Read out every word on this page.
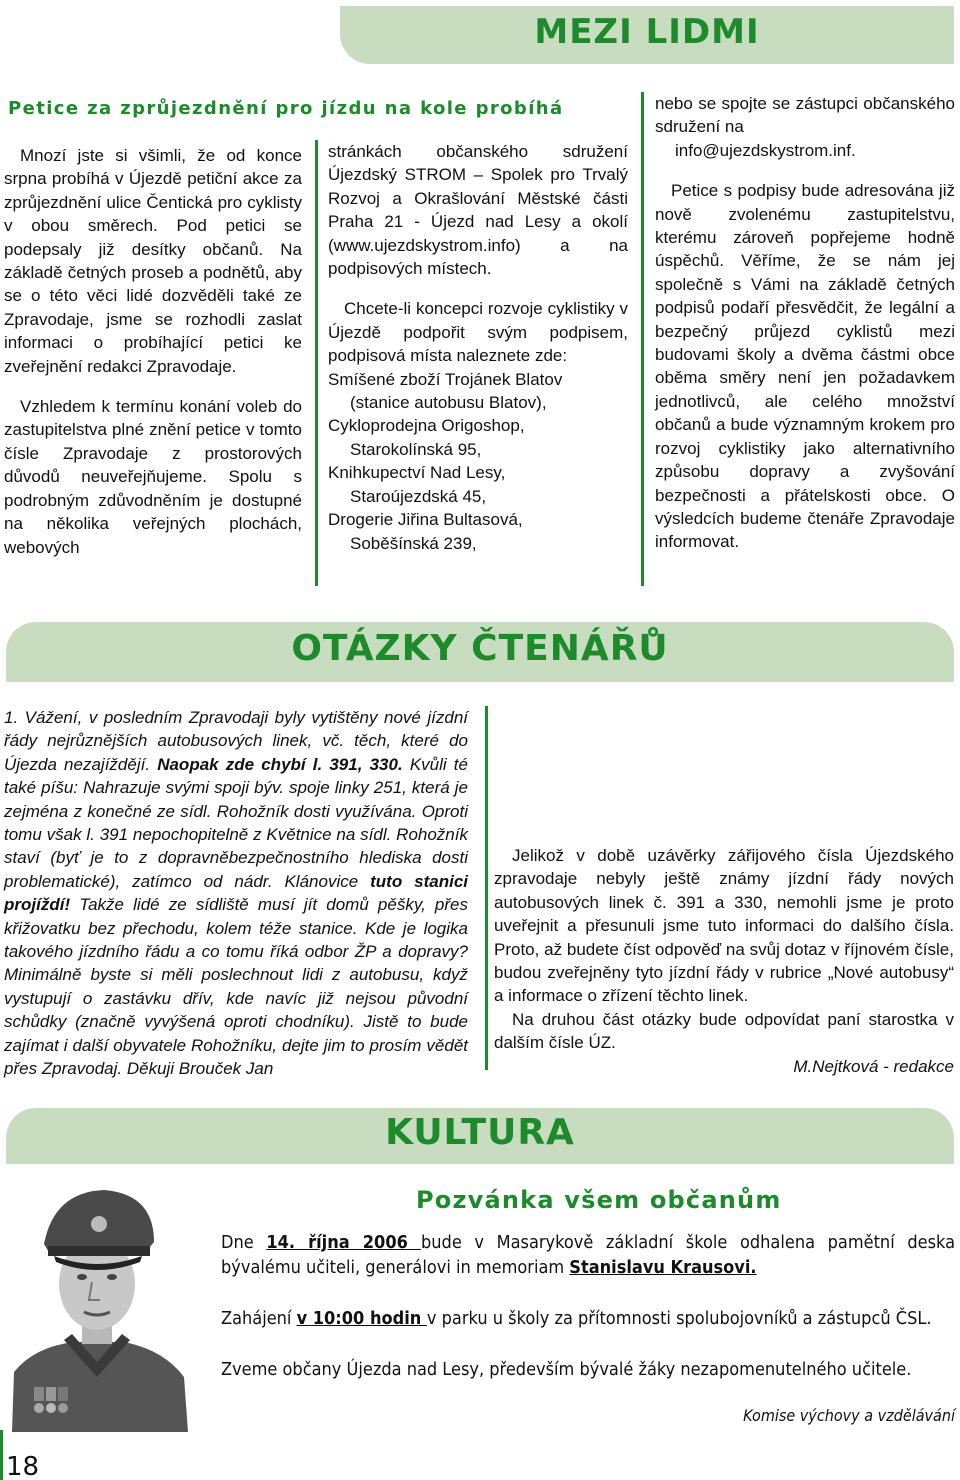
MEZI LIDMI
Petice za zprůjezdnění pro jízdu na kole probíhá

Mnozí jste si všimli, že od konce srpna probíhá v Újezdě petiční akce za zprůjezdnění ulice Čentická pro cyklisty v obou směrech. Pod petici se podepsaly již desítky občanů. Na základě četných proseb a podnětů, aby se o této věci lidé dozvěděli také ze Zpravodaje, jsme se rozhodli zaslat informaci o probíhající petici ke zveřejnění redakci Zpravodaje.

Vzhledem k termínu konání voleb do zastupitelstva plné znění petice v tomto čísle Zpravodaje z prostorových důvodů neuveřejňujeme. Spolu s podrobným zdůvodněním je dostupné na několika veřejných plochách, webových

stránkách občanského sdružení Újezdský STROM – Spolek pro Trvalý Rozvoj a Okrašlování Městské části Praha 21 - Újezd nad Lesy a okolí (www.ujezdskystrom.info) a na podpisových místech.

Chcete-li koncepci rozvoje cyklistiky v Újezdě podpořit svým podpisem, podpisová místa naleznete zde:

Smíšené zboží Trojánek Blatov
(stanice autobusu Blatov),
Cykloprodejna Origoshop,
Starokolínská 95,
Knihkupectví Nad Lesy,
Staroújezdská 45,
Drogerie Jiřina Bultasová,
Soběšínská 239,

nebo se spojte se zástupci občanského sdružení na

info@ujezdskystrom.inf.

Petice s podpisy bude adresována již nově zvolenému zastupitelstvu, kterému zároveň popřejeme hodně úspěchů. Věříme, že se nám jej společně s Vámi na základě četných podpisů podaří přesvědčit, že legální a bezpečný průjezd cyklistů mezi budovami školy a dvěma částmi obce oběma směry není jen požadavkem jednotlivců, ale celého množství občanů a bude významným krokem pro rozvoj cyklistiky jako alternativního způsobu dopravy a zvyšování bezpečnosti a přátelskosti obce. O výsledcích budeme čtenáře Zpravodaje informovat.

OTÁZKY ČTENÁŘŮ
1. Vážení, v posledním Zpravodaji byly vytištěny nové jízdní řády nejrůznějších autobusových linek, vč. těch, které do Újezda nezajíždějí. Naopak zde chybí l. 391, 330. Kvůli té také píšu: Nahrazuje svými spoji býv. spoje linky 251, která je zejména z konečné ze sídl. Rohožník dosti využívána. Oproti tomu však l. 391 nepochopitelně z Květnice na sídl. Rohožník staví (byť je to z dopravněbezpečnostního hlediska dosti problematické), zatímco od nádr. Klánovice tuto stanici projíždí! Takže lidé ze sídliště musí jít domů pěšky, přes křižovatku bez přechodu, kolem téže stanice. Kde je logika takového jízdního řádu a co tomu říká odbor ŽP a dopravy? Minimálně byste si měli poslechnout lidi z autobusu, když vystupují o zastávku dřív, kde navíc již nejsou původní schůdky (značně vyvýšená oproti chodníku). Jistě to bude zajímat i další obyvatele Rohožníku, dejte jim to prosím vědět přes Zpravodaj. Děkuji Brouček Jan

Jelikož v době uzávěrky zářijového čísla Újezdského zpravodaje nebyly ještě známy jízdní řády nových autobusových linek č. 391 a 330, nemohli jsme je proto uveřejnit a přesunuli jsme tuto informaci do dalšího čísla. Proto, až budete číst odpověď na svůj dotaz v říjnovém čísle, budou zveřejněny tyto jízdní řády v rubrice „Nové autobusy“ a informace o zřízení těchto linek.

Na druhou část otázky bude odpovídat paní starostka v dalším čísle ÚZ.

M.Nejtková - redakce

KULTURA
Pozvánka všem občanům

Dne 14. října 2006 bude v Masarykově základní škole odhalena pamětní deska bývalému učiteli, generálovi in memoriam Stanislavu Krausovi.

Zahájení v 10:00 hodin v parku u školy za přítomnosti spolubojovníků a zástupců ČSL.

Zveme občany Újezda nad Lesy, především bývalé žáky nezapomenutelného učitele.

Komise výchovy a vzdělávání
18
